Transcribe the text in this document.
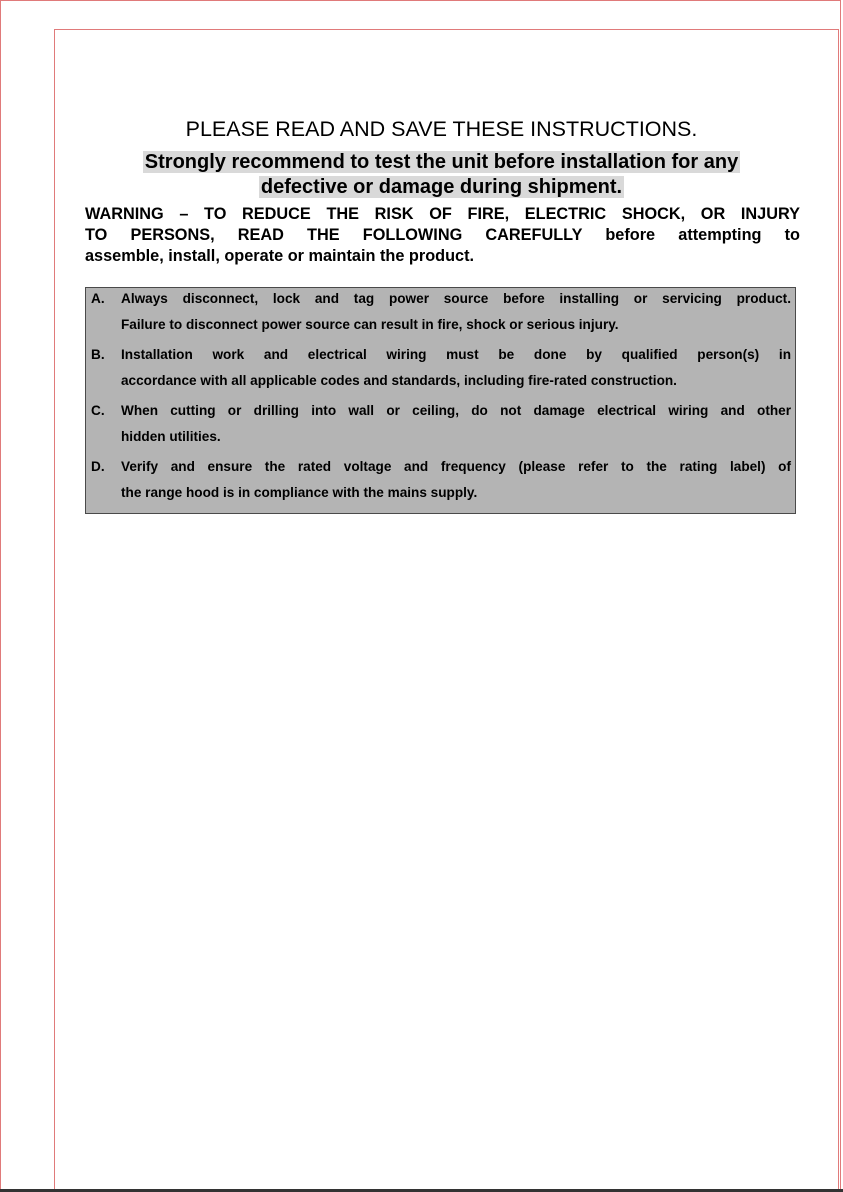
PLEASE READ AND SAVE THESE INSTRUCTIONS.
Strongly recommend to test the unit before installation for any
defective or damage during shipment.
WARNING – TO REDUCE THE RISK OF FIRE, ELECTRIC SHOCK, OR INJURY
TO PERSONS, READ THE FOLLOWING CAREFULLY before attempting to
assemble, install, operate or maintain the product.
A. Always disconnect, lock and tag power source before installing or servicing product.
Failure to disconnect power source can result in fire, shock or serious injury.
B. Installation work and electrical wiring must be done by qualified person(s) in
accordance with all applicable codes and standards, including fire-rated construction.
C. When cutting or drilling into wall or ceiling, do not damage electrical wiring and other
hidden utilities.
D. Verify and ensure the rated voltage and frequency (please refer to the rating label) of
the range hood is in compliance with the mains supply.
